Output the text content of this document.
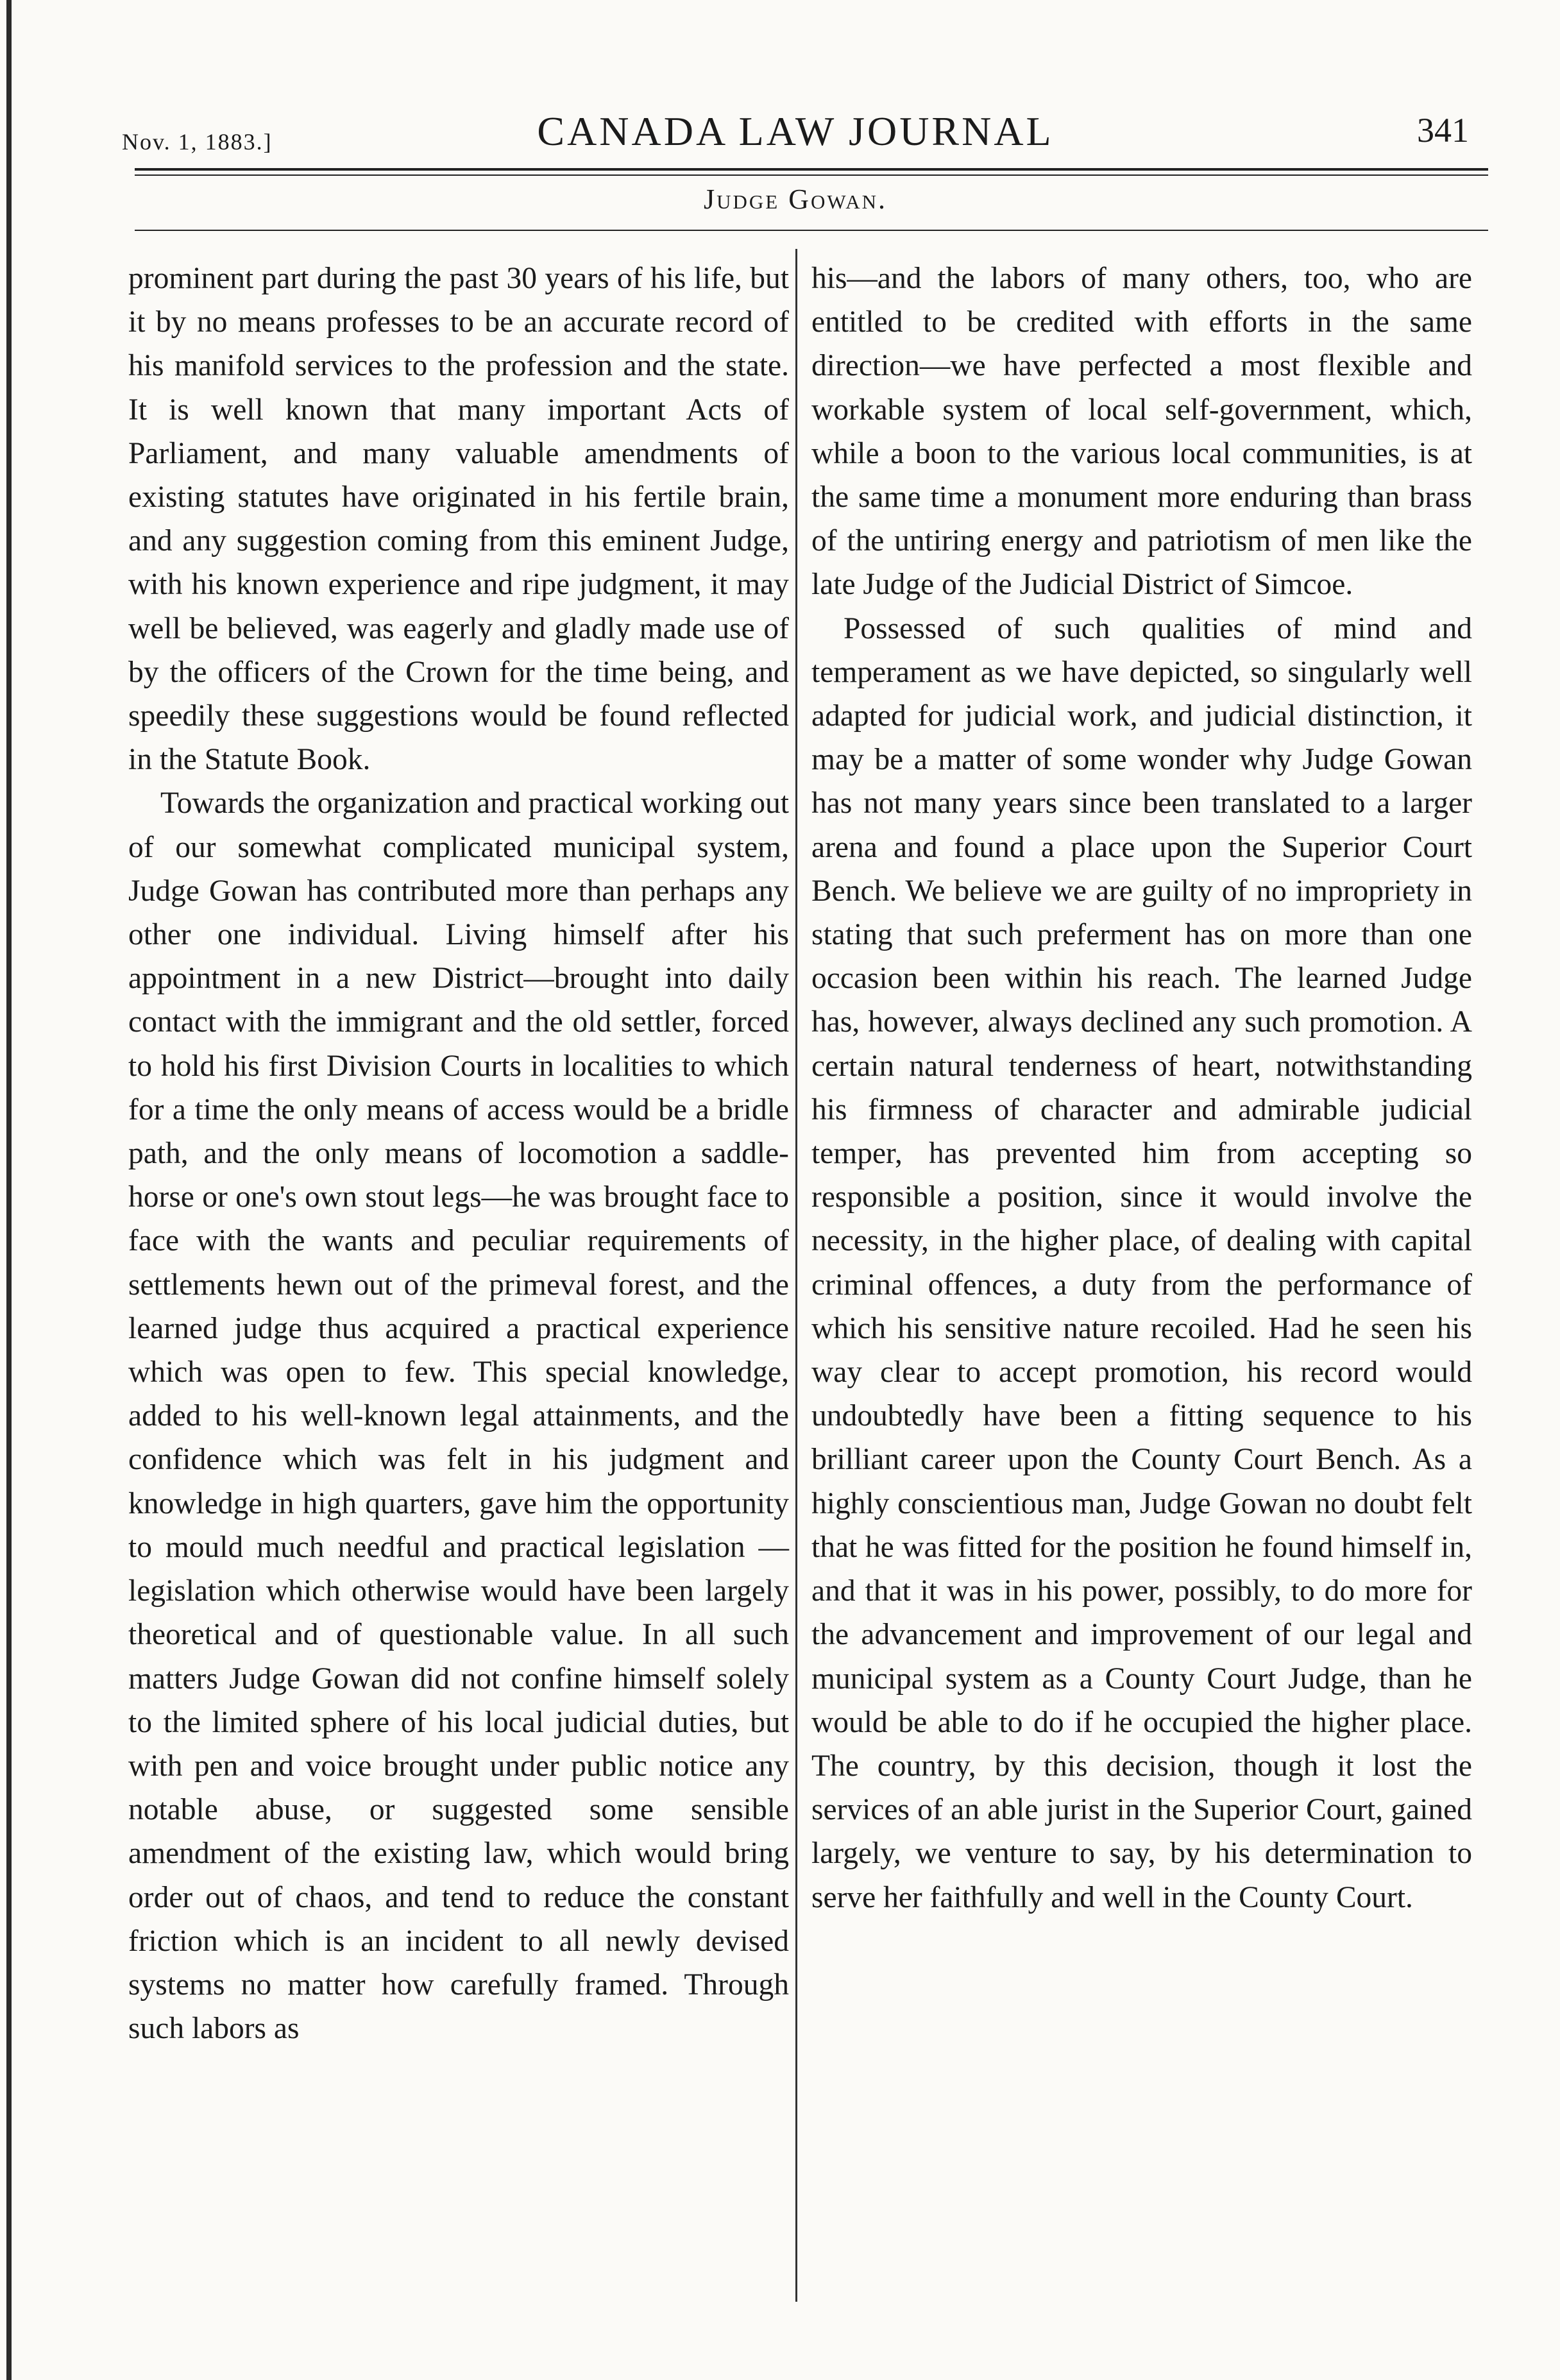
Nov. 1, 1883.]	CANADA LAW JOURNAL	341
Judge Gowan.

prominent part during the past 30 years of his life, but it by no means professes to be an accurate record of his manifold services to the profession and the state. It is well known that many important Acts of Parliament, and many valuable amendments of existing statutes have originated in his fertile brain, and any suggestion coming from this eminent Judge, with his known experience and ripe judgment, it may well be believed, was eagerly and gladly made use of by the officers of the Crown for the time being, and speedily these suggestions would be found reflected in the Statute Book.

Towards the organization and practical working out of our somewhat complicated municipal system, Judge Gowan has contributed more than perhaps any other one individual. Living himself after his appointment in a new District—brought into daily contact with the immigrant and the old settler, forced to hold his first Division Courts in localities to which for a time the only means of access would be a bridle path, and the only means of locomotion a saddle-horse or one's own stout legs—he was brought face to face with the wants and peculiar requirements of settlements hewn out of the primeval forest, and the learned judge thus acquired a practical experience which was open to few. This special knowledge, added to his well-known legal attainments, and the confidence which was felt in his judgment and knowledge in high quarters, gave him the opportunity to mould much needful and practical legislation —legislation which otherwise would have been largely theoretical and of questionable value. In all such matters Judge Gowan did not confine himself solely to the limited sphere of his local judicial duties, but with pen and voice brought under public notice any notable abuse, or suggested some sensible amendment of the existing law, which would bring order out of chaos, and tend to reduce the constant friction which is an incident to all newly devised systems no matter how carefully framed. Through such labors as

his—and the labors of many others, too, who are entitled to be credited with efforts in the same direction—we have perfected a most flexible and workable system of local self-government, which, while a boon to the various local communities, is at the same time a monument more enduring than brass of the untiring energy and patriotism of men like the late Judge of the Judicial District of Simcoe.

Possessed of such qualities of mind and temperament as we have depicted, so singularly well adapted for judicial work, and judicial distinction, it may be a matter of some wonder why Judge Gowan has not many years since been translated to a larger arena and found a place upon the Superior Court Bench. We believe we are guilty of no impropriety in stating that such preferment has on more than one occasion been within his reach. The learned Judge has, however, always declined any such promotion. A certain natural tenderness of heart, notwithstanding his firmness of character and admirable judicial temper, has prevented him from accepting so responsible a position, since it would involve the necessity, in the higher place, of dealing with capital criminal offences, a duty from the performance of which his sensitive nature recoiled. Had he seen his way clear to accept promotion, his record would undoubtedly have been a fitting sequence to his brilliant career upon the County Court Bench. As a highly conscientious man, Judge Gowan no doubt felt that he was fitted for the position he found himself in, and that it was in his power, possibly, to do more for the advancement and improvement of our legal and municipal system as a County Court Judge, than he would be able to do if he occupied the higher place. The country, by this decision, though it lost the services of an able jurist in the Superior Court, gained largely, we venture to say, by his determination to serve her faithfully and well in the County Court.
